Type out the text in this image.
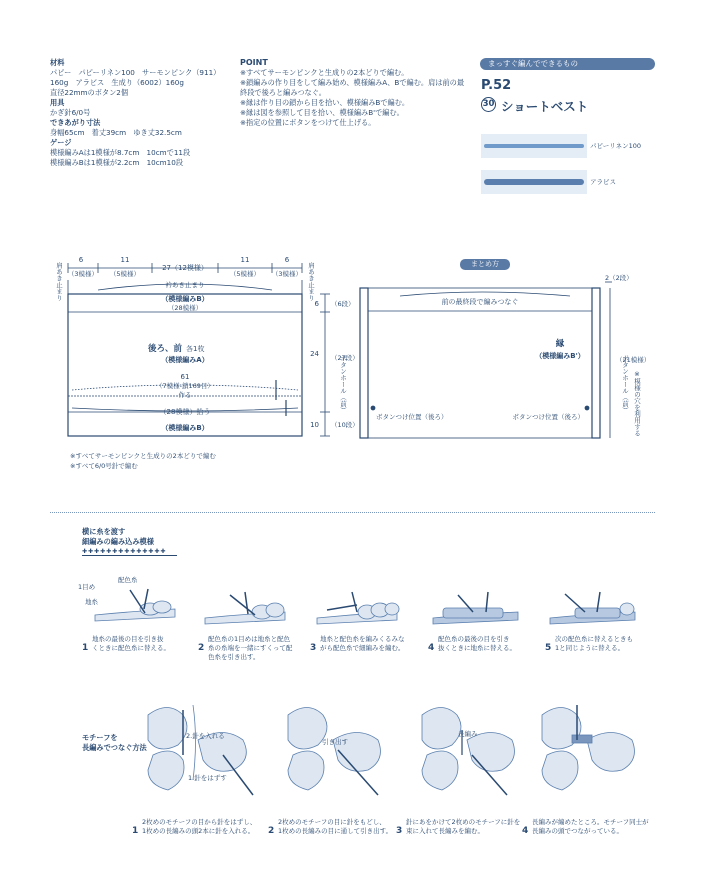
材料
パピー　パピーリネン100　サーモンピンク（911）
160g　アラビス　生成り（6002）160g
直径22mmのボタン2個
用具
かぎ針6/0号
できあがり寸法
身幅65cm　着丈39cm　ゆき丈32.5cm
ゲージ
模様編みAは1模様が8.7cm　10cmで11段
模様編みBは1模様が2.2cm　10cm10段
POINT
※すべてサーモンピンクと生成りの2本どりで編む。
※鎖編みの作り目をして編み始め、模様編みA、Bで編む。肩は前の最
終段で後ろと編みつなぐ。
※縁は作り目の鎖から目を拾い、模様編みBで編む。
※縁は図を参照して目を拾い、模様編みB'で編む。
※指定の位置にボタンをつけて仕上げる。
まっすぐ編んでできるもの
P.52
30 ショートベスト
パピーリネン100
アラビス
6	11
27（12模様）
11	6
（3模様） （5模様）	（5模様） （3模様）
衿あき止まり
（模様編みB）
（28模様）
後ろ、前 各1枚
（模様編みA）
61
（7模様-鎖169目）
作る
（28模様）拾う
（模様編みB）
6 （6段）
24 （27段）
10 （10段）
肩あき止まり	肩あき止まり
※すべてサーモンピンクと生成りの2本どりで編む
※すべて6/0号針で編む
まとめ方
2（2段）
前の最終段で編みつなぐ
縁
（模様編みB'）	（21模様）
ボタンつけ位置（後ろ）	ボタンつけ位置（後ろ）
ボタンホール（前）	ボタンホール（前） ※模様の穴を利用する
横に糸を渡す
細編みの編み込み模様
✚✚✚✚✚✚✚✚✚✚✚✚✚✚
1目め
配色糸
地糸
1
地糸の最後の目を引き抜
くときに配色糸に替える。	2
配色糸の1目めは地糸と配色
糸の糸端を一緒にすくって配
色糸を引き出す。
3
地糸と配色糸を編みくるみな
がら配色糸で細編みを編む。	4
配色糸の最後の目を引き
抜くときに地糸に替える。	5
次の配色糸に替えるときも
1と同じように替える。
モチーフを
長編みでつなぐ方法
2.針を入れる
1.針をはずす
引き出す
長編み
1
2枚めのモチーフの目から針をはずし、
1枚めの長編みの頭2本に針を入れる。 2
2枚めのモチーフの目に針をもどし、
1枚めの長編みの目に通して引き出す。 3
針にあをかけて2枚めのモチーフに針を
束に入れて長編みを編む。	4
長編みが編めたところ。モチーフ同士が
長編みの頭でつながっている。
